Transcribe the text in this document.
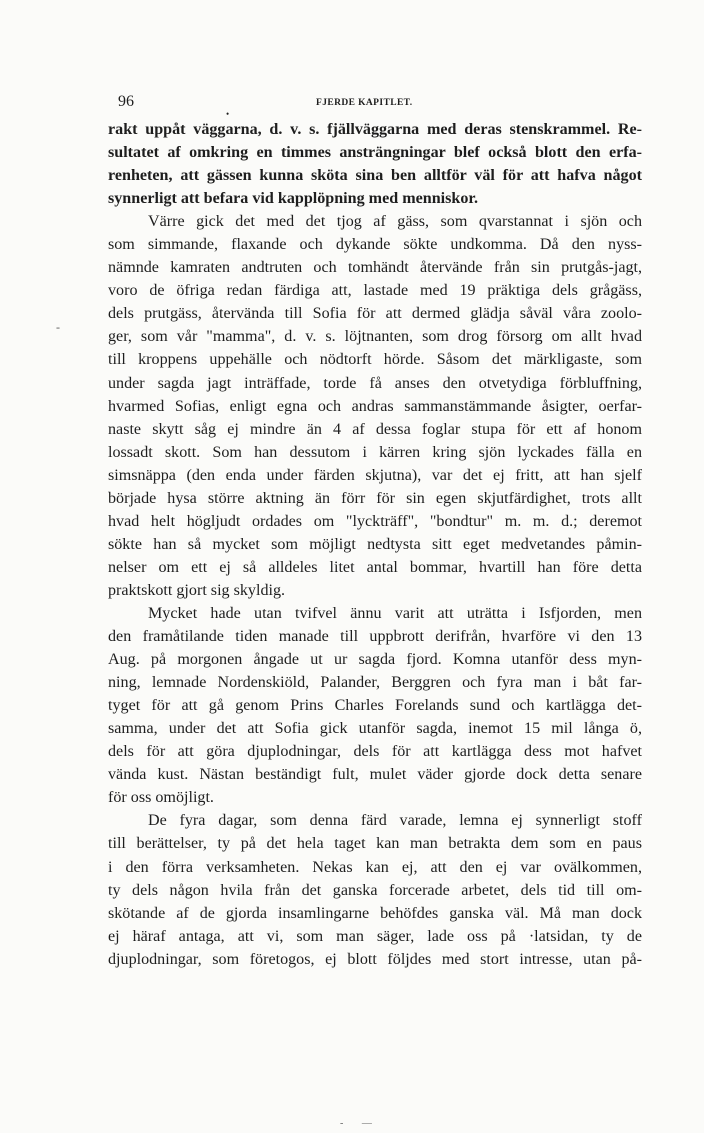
96	FJERDE KAPITLET.
•
-
rakt uppåt väggarna, d. v. s. fjällväggarna med deras stenskrammel. Re-
sultatet af omkring en timmes ansträngningar blef också blott den erfa-
renheten, att gässen kunna sköta sina ben alltför väl för att hafva något
synnerligt att befara vid kapplöpning med menniskor.
Värre gick det med det tjog af gäss, som qvarstannat i sjön och
som simmande, flaxande och dykande sökte undkomma. Då den nyss-
nämnde kamraten andtruten och tomhändt återvände från sin prutgås-jagt,
voro de öfriga redan färdiga att, lastade med 19 präktiga dels grågäss,
dels prutgäss, återvända till Sofia för att dermed glädja såväl våra zoolo-
ger, som vår "mamma", d. v. s. löjtnanten, som drog försorg om allt hvad
till kroppens uppehälle och nödtorft hörde. Såsom det märkligaste, som
under sagda jagt inträffade, torde få anses den otvetydiga förbluffning,
hvarmed Sofias, enligt egna och andras sammanstämmande åsigter, oerfar-
naste skytt såg ej mindre än 4 af dessa foglar stupa för ett af honom
lossadt skott. Som han dessutom i kärren kring sjön lyckades fälla en
simsnäppa (den enda under färden skjutna), var det ej fritt, att han sjelf
började hysa större aktning än förr för sin egen skjutfärdighet, trots allt
hvad helt högljudt ordades om "lyckträff", "bondtur" m. m. d.; deremot
sökte han så mycket som möjligt nedtysta sitt eget medvetandes påmin-
nelser om ett ej så alldeles litet antal bommar, hvartill han före detta
praktskott gjort sig skyldig.
Mycket hade utan tvifvel ännu varit att uträtta i Isfjorden, men
den framåtilande tiden manade till uppbrott derifrån, hvarföre vi den 13
Aug. på morgonen ångade ut ur sagda fjord. Komna utanför dess myn-
ning, lemnade Nordenskiöld, Palander, Berggren och fyra man i båt far-
tyget för att gå genom Prins Charles Forelands sund och kartlägga det-
samma, under det att Sofia gick utanför sagda, inemot 15 mil långa ö,
dels för att göra djuplodningar, dels för att kartlägga dess mot hafvet
vända kust. Nästan beständigt fult, mulet väder gjorde dock detta senare
för oss omöjligt.
De fyra dagar, som denna färd varade, lemna ej synnerligt stoff
till berättelser, ty på det hela taget kan man betrakta dem som en paus
i den förra verksamheten. Nekas kan ej, att den ej var ovälkommen,
ty dels någon hvila från det ganska forcerade arbetet, dels tid till om-
skötande af de gjorda insamlingarne behöfdes ganska väl. Må man dock
ej häraf antaga, att vi, som man säger, lade oss på ·latsidan, ty de
djuplodningar, som företogos, ej blott följdes med stort intresse, utan på-
- —
